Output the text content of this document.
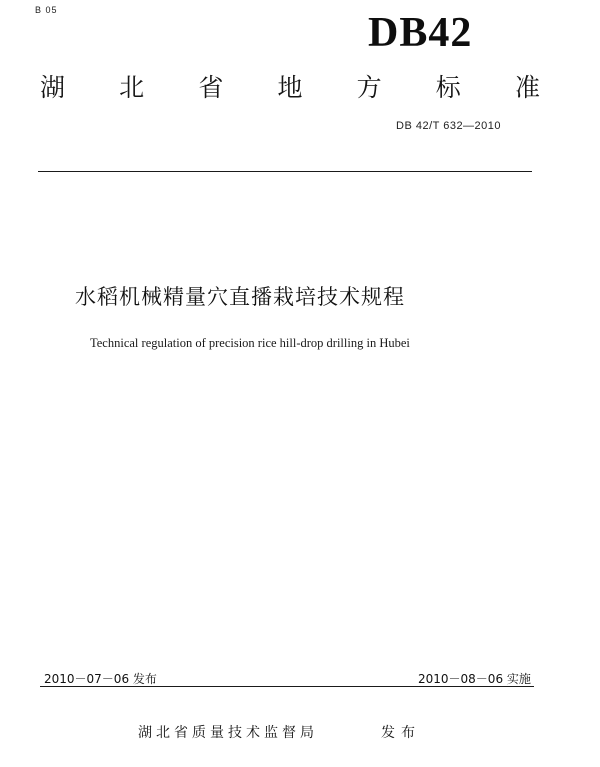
B 05	DB42
湖 北 省 地 方 标 准
DB 42/T 632—2010
水稻机械精量穴直播栽培技术规程
Technical regulation of precision rice hill-drop drilling in Hubei
2010－07－06 发布	2010－08－06 实施
湖北省质量技术监督局	发布
